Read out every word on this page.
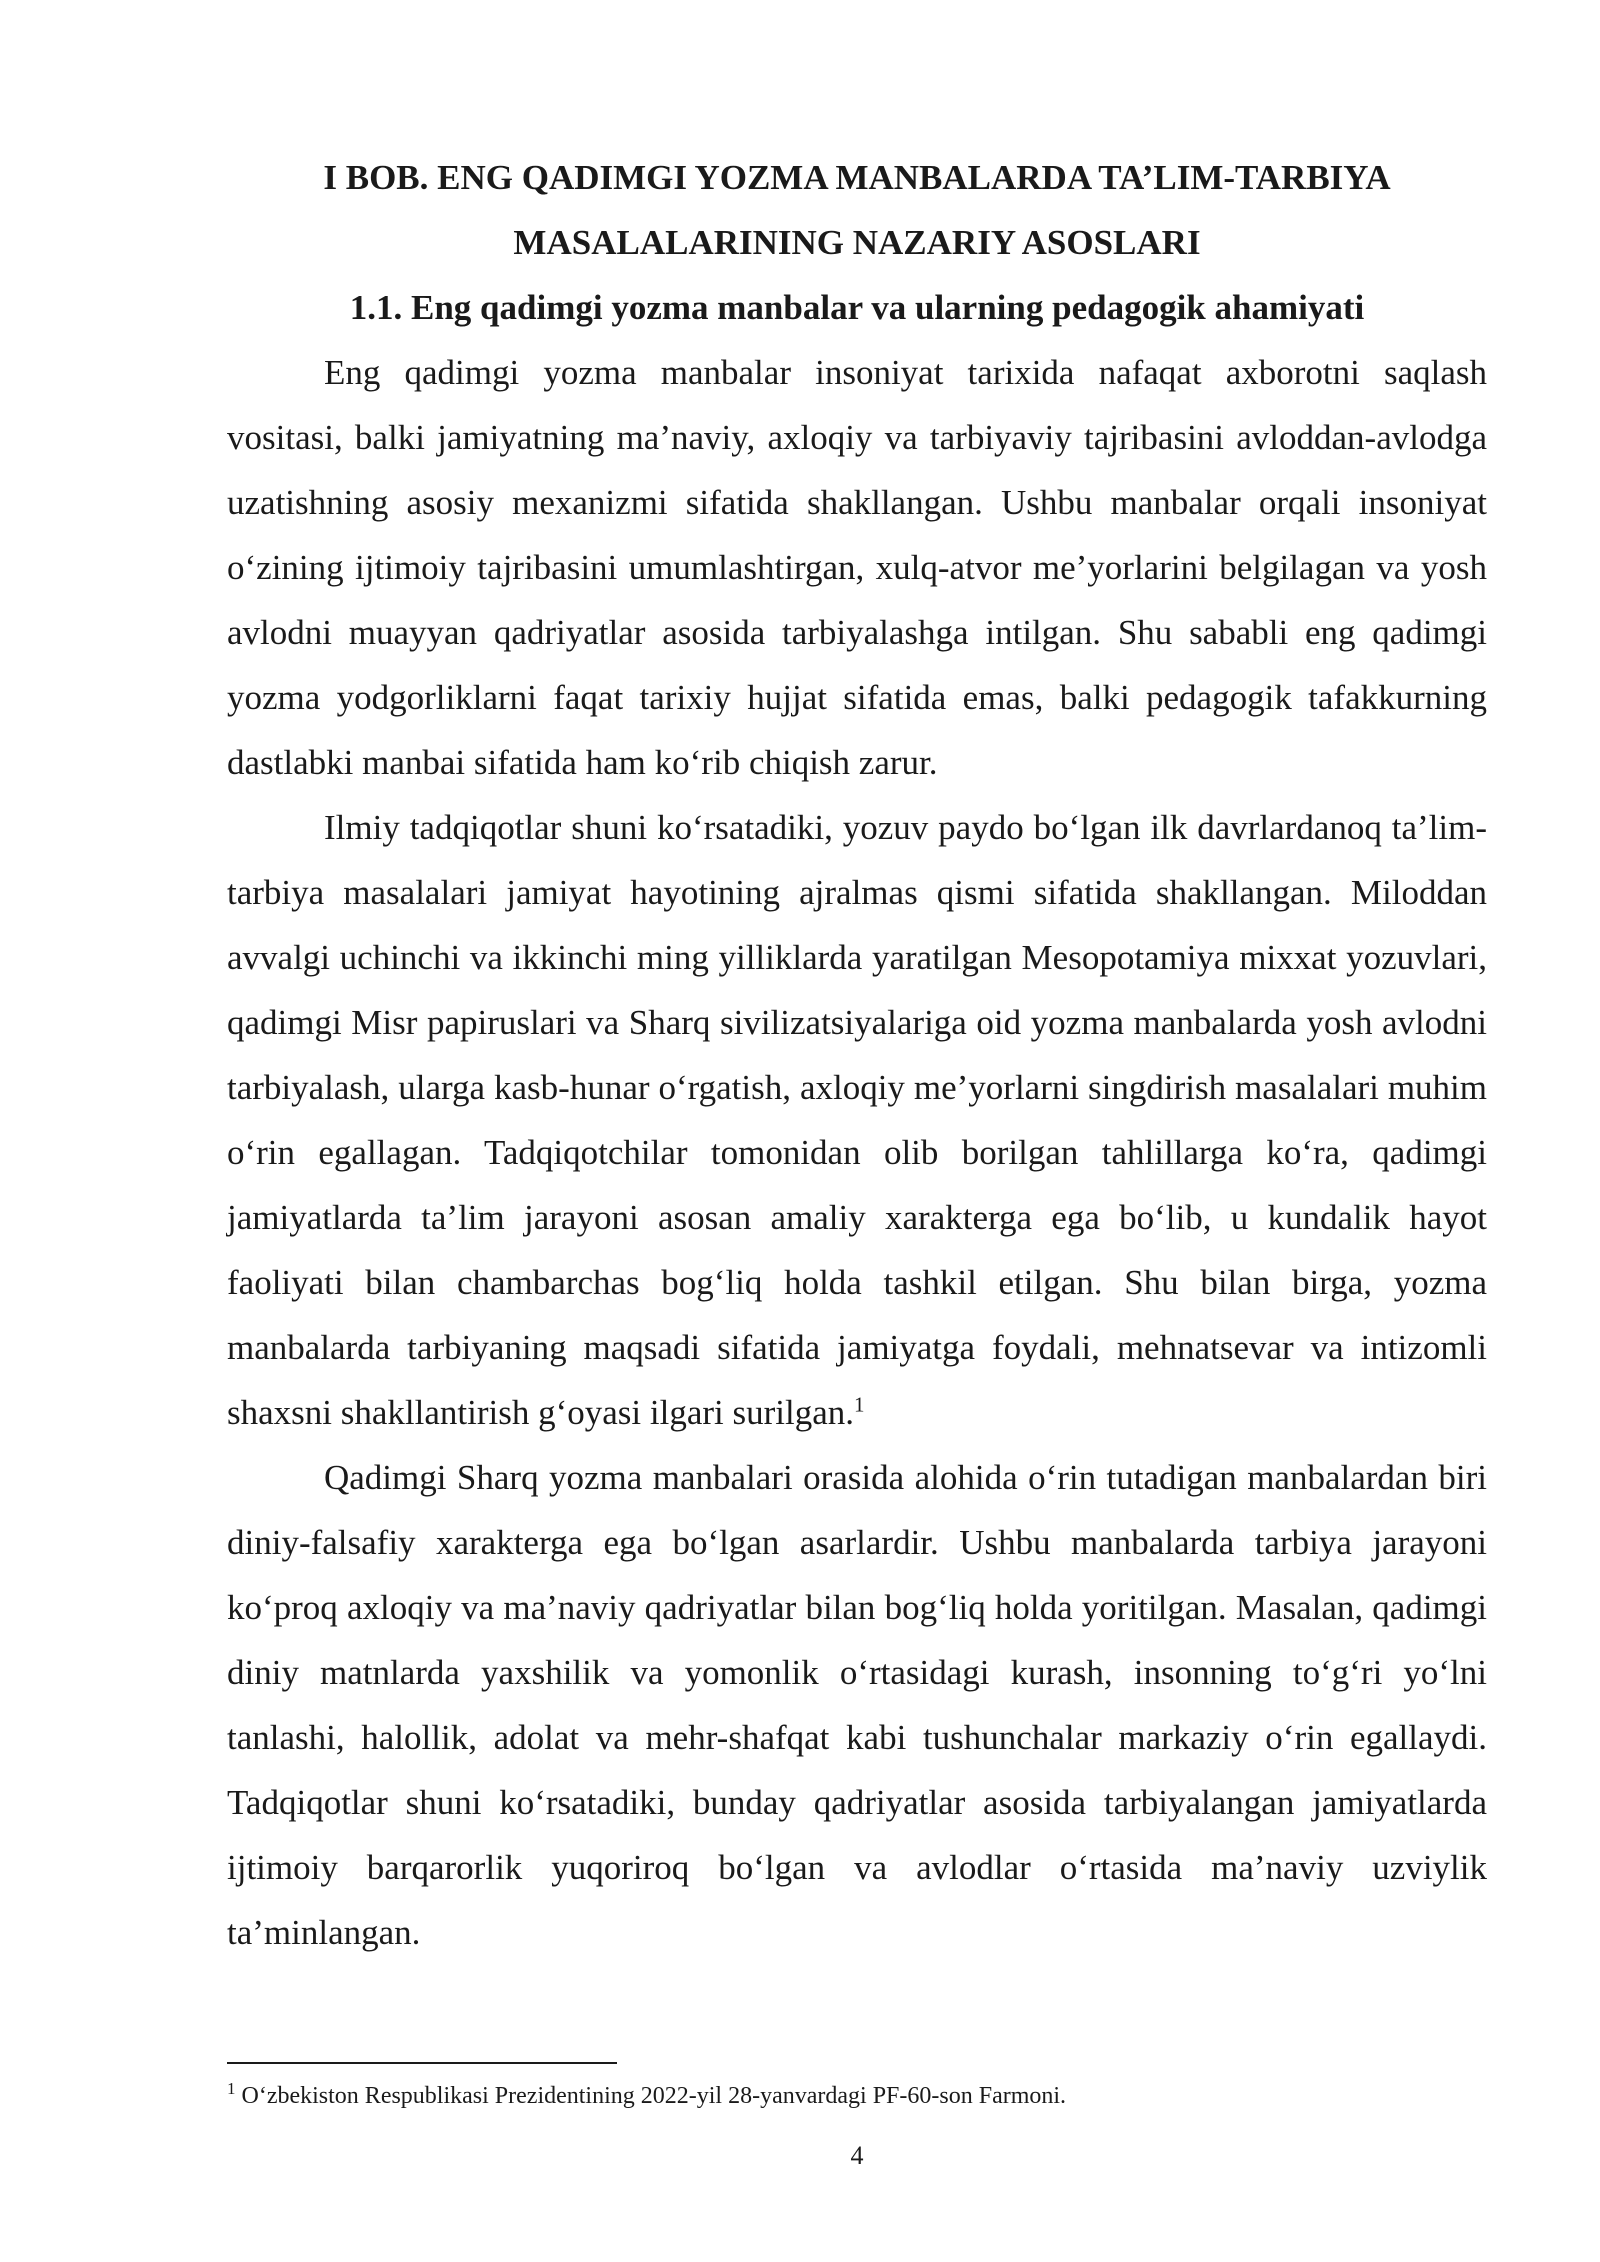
I BOB. ENG QADIMGI YOZMA MANBALARDA TA’LIM-TARBIYA
MASALALARINING NAZARIY ASOSLARI
1.1. Eng qadimgi yozma manbalar va ularning pedagogik ahamiyati

Eng qadimgi yozma manbalar insoniyat tarixida nafaqat axborotni saqlash vositasi, balki jamiyatning ma’naviy, axloqiy va tarbiyaviy tajribasini avloddan-avlodga uzatishning asosiy mexanizmi sifatida shakllangan. Ushbu manbalar orqali insoniyat o‘zining ijtimoiy tajribasini umumlashtirgan, xulq-atvor me’yorlarini belgilagan va yosh avlodni muayyan qadriyatlar asosida tarbiyalashga intilgan. Shu sababli eng qadimgi yozma yodgorliklarni faqat tarixiy hujjat sifatida emas, balki pedagogik tafakkurning dastlabki manbai sifatida ham ko‘rib chiqish zarur.

Ilmiy tadqiqotlar shuni ko‘rsatadiki, yozuv paydo bo‘lgan ilk davrlardanoq ta’lim-tarbiya masalalari jamiyat hayotining ajralmas qismi sifatida shakllangan. Miloddan avvalgi uchinchi va ikkinchi ming yilliklarda yaratilgan Mesopotamiya mixxat yozuvlari, qadimgi Misr papiruslari va Sharq sivilizatsiyalariga oid yozma manbalarda yosh avlodni tarbiyalash, ularga kasb-hunar o‘rgatish, axloqiy me’yorlarni singdirish masalalari muhim o‘rin egallagan. Tadqiqotchilar tomonidan olib borilgan tahlillarga ko‘ra, qadimgi jamiyatlarda ta’lim jarayoni asosan amaliy xarakterga ega bo‘lib, u kundalik hayot faoliyati bilan chambarchas bog‘liq holda tashkil etilgan. Shu bilan birga, yozma manbalarda tarbiyaning maqsadi sifatida jamiyatga foydali, mehnatsevar va intizomli shaxsni shakllantirish g‘oyasi ilgari surilgan.$^1$

Qadimgi Sharq yozma manbalari orasida alohida o‘rin tutadigan manbalardan biri diniy-falsafiy xarakterga ega bo‘lgan asarlardir. Ushbu manbalarda tarbiya jarayoni ko‘proq axloqiy va ma’naviy qadriyatlar bilan bog‘liq holda yoritilgan. Masalan, qadimgi diniy matnlarda yaxshilik va yomonlik o‘rtasidagi kurash, insonning to‘g‘ri yo‘lni tanlashi, halollik, adolat va mehr-shafqat kabi tushunchalar markaziy o‘rin egallaydi. Tadqiqotlar shuni ko‘rsatadiki, bunday qadriyatlar asosida tarbiyalangan jamiyatlarda ijtimoiy barqarorlik yuqoriroq bo‘lgan va avlodlar o‘rtasida ma’naviy uzviylik ta’minlangan.

$^1$ O‘zbekiston Respublikasi Prezidentining 2022-yil 28-yanvardagi PF-60-son Farmoni.
4
